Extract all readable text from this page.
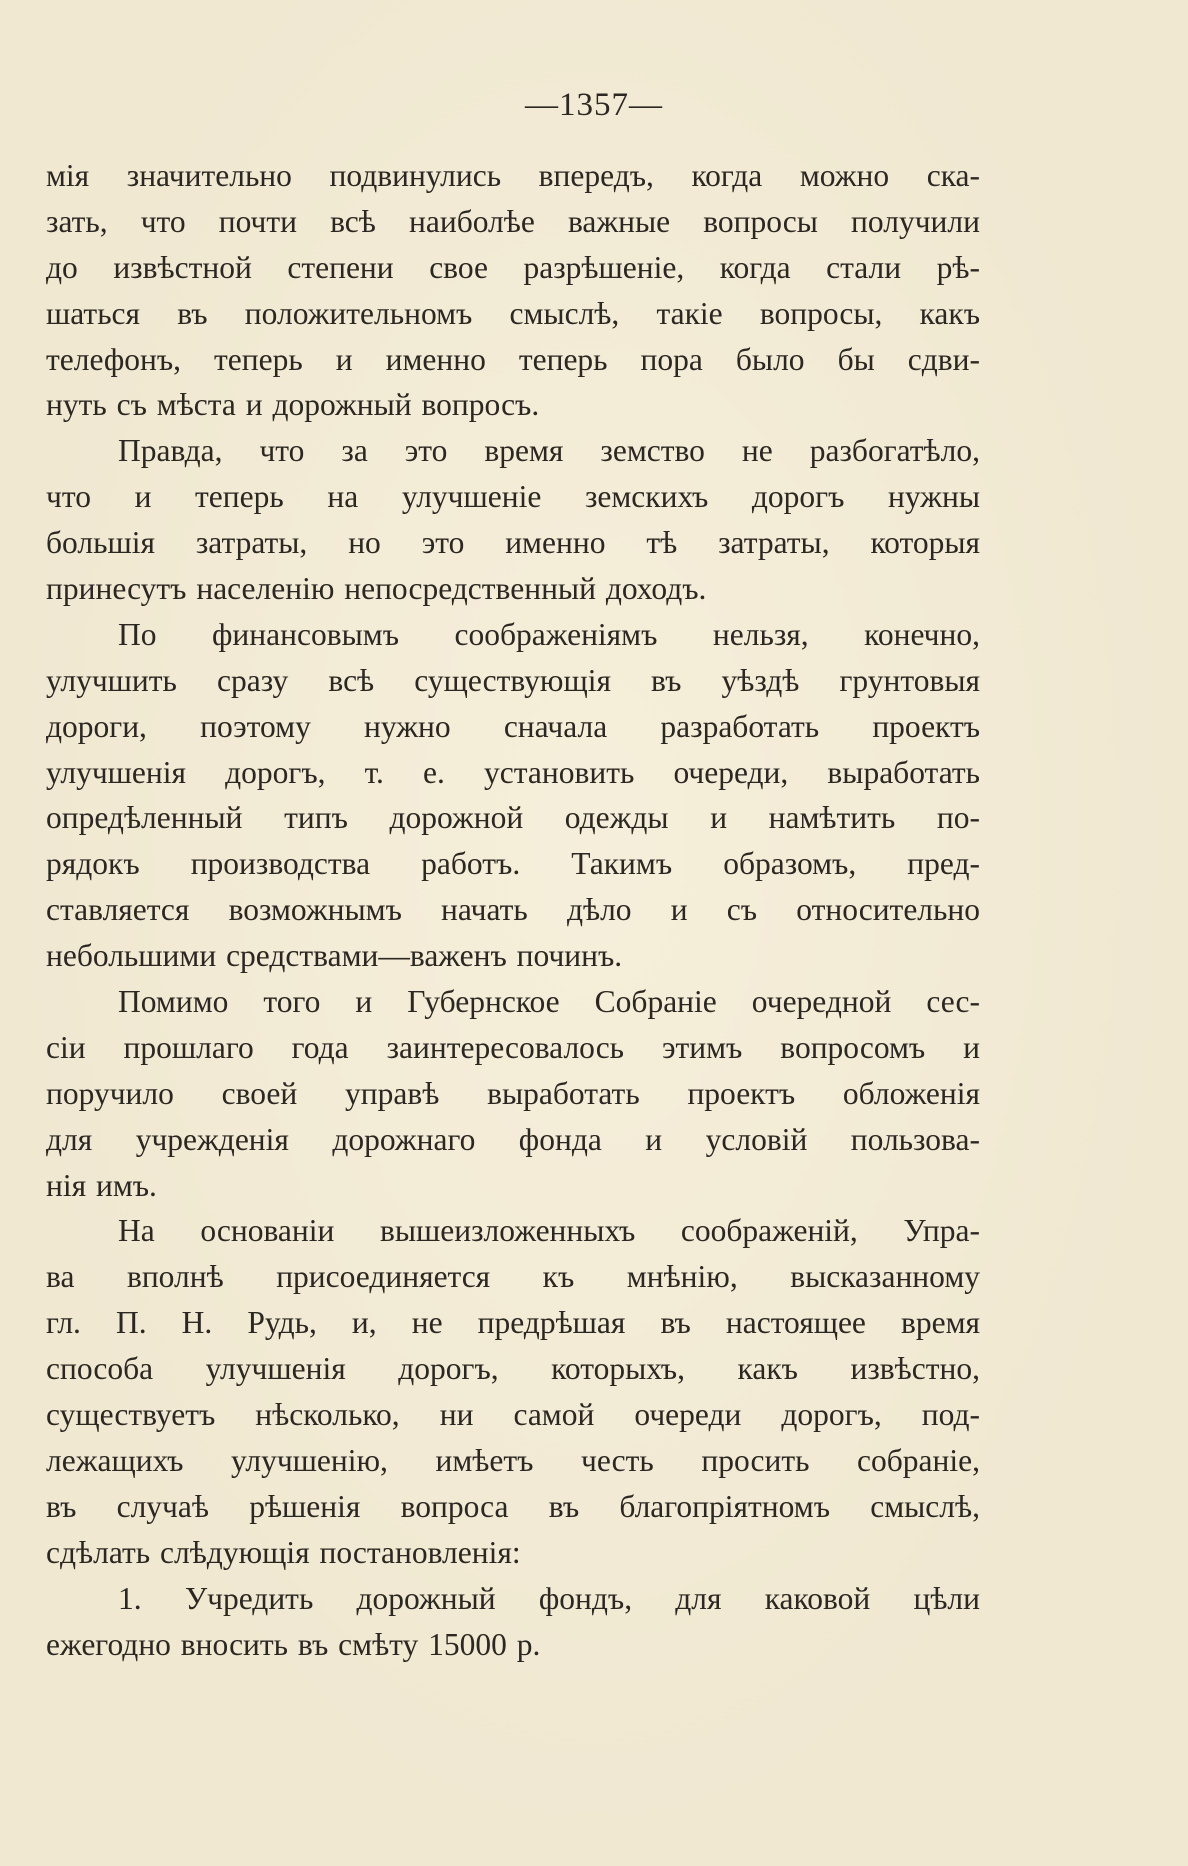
—1357—
мія значительно подвинулись впередъ, когда можно ска-
зать, что почти всѣ наиболѣе важные вопросы получили
до извѣстной степени свое разрѣшеніе, когда стали рѣ-
шаться въ положительномъ смыслѣ, такіе вопросы, какъ
телефонъ, теперь и именно теперь пора было бы сдви-
нуть съ мѣста и дорожный вопросъ.
Правда, что за это время земство не разбогатѣло,
что и теперь на улучшеніе земскихъ дорогъ нужны
большія затраты, но это именно тѣ затраты, которыя
принесутъ населенію непосредственный доходъ.
По финансовымъ соображеніямъ нельзя, конечно,
улучшить сразу всѣ существующія въ уѣздѣ грунтовыя
дороги, поэтому нужно сначала разработать проектъ
улучшенія дорогъ, т. е. установить очереди, выработать
опредѣленный типъ дорожной одежды и намѣтить по-
рядокъ производства работъ. Такимъ образомъ, пред-
ставляется возможнымъ начать дѣло и съ относительно
небольшими средствами—важенъ починъ.
Помимо того и Губернское Собраніе очередной сес-
сіи прошлаго года заинтересовалось этимъ вопросомъ и
поручило своей управѣ выработать проектъ обложенія
для учрежденія дорожнаго фонда и условій пользова-
нія имъ.
На основаніи вышеизложенныхъ соображеній, Упра-
ва вполнѣ присоединяется къ мнѣнію, высказанному
гл. П. Н. Рудь, и, не предрѣшая въ настоящее время
способа улучшенія дорогъ, которыхъ, какъ извѣстно,
существуетъ нѣсколько, ни самой очереди дорогъ, под-
лежащихъ улучшенію, имѣетъ честь просить собраніе,
въ случаѣ рѣшенія вопроса въ благопріятномъ смыслѣ,
сдѣлать слѣдующія постановленія:
1. Учредить дорожный фондъ, для каковой цѣли
ежегодно вносить въ смѣту 15000 р.
